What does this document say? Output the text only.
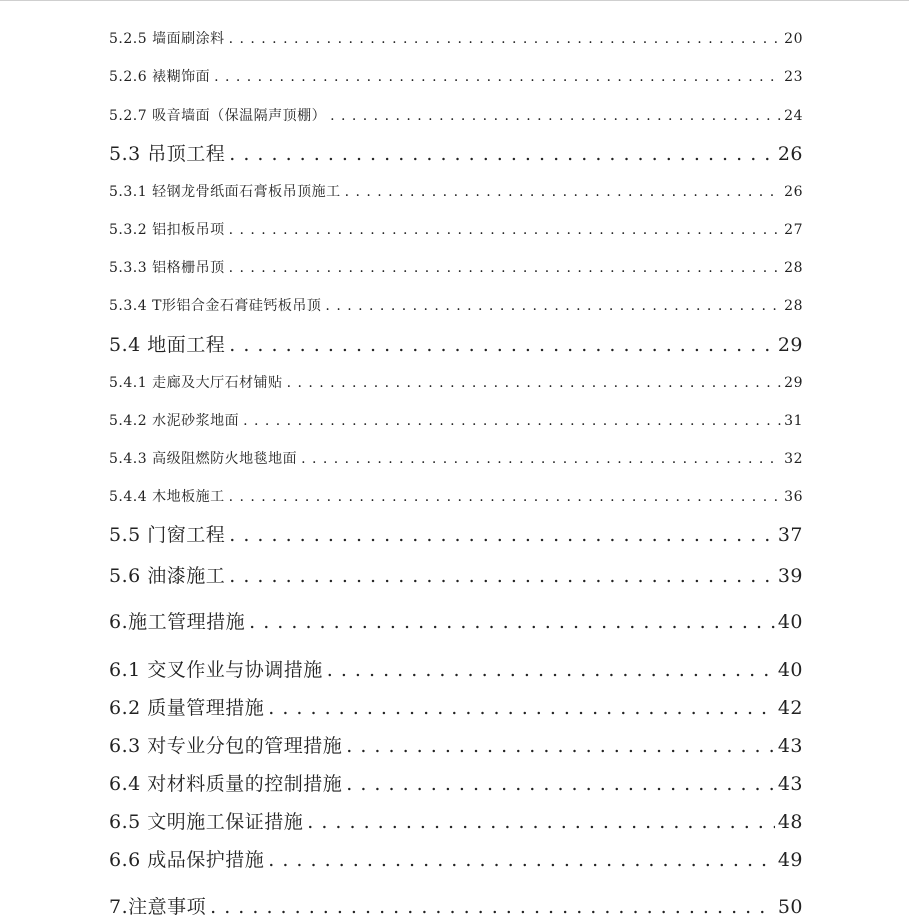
5.2.5 墙面刷涂料 . . .	20
5.2.6 裱糊饰面 . . .	23
5.2.7 吸音墙面（保温隔声顶棚） . . .	24
5.3 吊顶工程 . . .	26
5.3.1 轻钢龙骨纸面石膏板吊顶施工 . . .	26
5.3.2 铝扣板吊项 . . .	27
5.3.3 铝格栅吊顶 . . .	28
5.3.4 T形铝合金石膏硅钙板吊顶 . . .	28
5.4 地面工程 . . .	29
5.4.1 走廊及大厅石材铺贴 . . .	29
5.4.2 水泥砂浆地面 . . .	31
5.4.3 高级阻燃防火地毯地面 . . .	32
5.4.4 木地板施工 . . .	36
5.5 门窗工程 . . .	37
5.6 油漆施工 . . .	39
6.施工管理措施 . . .	40
6.1 交叉作业与协调措施 . . .	40
6.2 质量管理措施 . . .	42
6.3 对专业分包的管理措施 . . .	43
6.4 对材料质量的控制措施 . . .	43
6.5 文明施工保证措施 . . .	48
6.6 成品保护措施 . . .	49
7.注意事项 . . .	50
